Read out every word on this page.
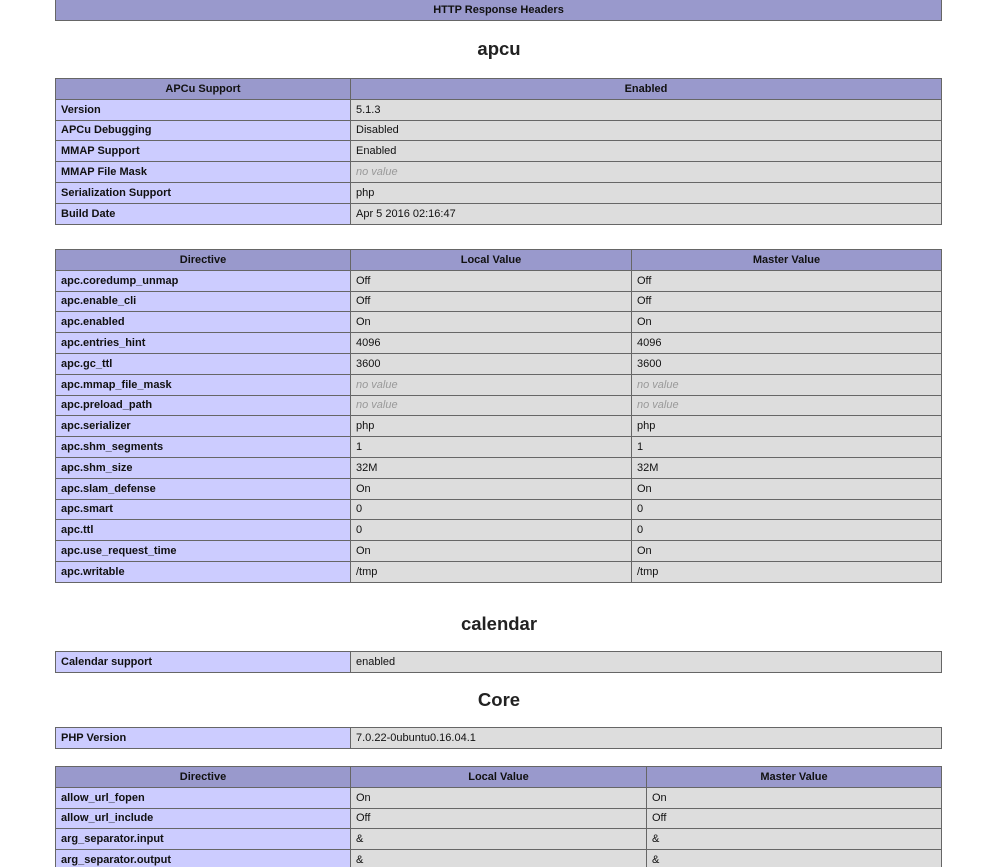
HTTP Response Headers
apcu
APCu Support	Enabled
Version	5.1.3
APCu Debugging	Disabled
MMAP Support	Enabled
MMAP File Mask	no value
Serialization Support	php
Build Date	Apr 5 2016 02:16:47
Directive	Local Value	Master Value
apc.coredump_unmap	Off	Off
apc.enable_cli	Off	Off
apc.enabled	On	On
apc.entries_hint	4096	4096
apc.gc_ttl	3600	3600
apc.mmap_file_mask	no value	no value
apc.preload_path	no value	no value
apc.serializer	php	php
apc.shm_segments	1	1
apc.shm_size	32M	32M
apc.slam_defense	On	On
apc.smart	0	0
apc.ttl	0	0
apc.use_request_time	On	On
apc.writable	/tmp	/tmp
calendar
Calendar support	enabled
Core
PHP Version	7.0.22-0ubuntu0.16.04.1
Directive	Local Value	Master Value
allow_url_fopen	On	On
allow_url_include	Off	Off
arg_separator.input	&	&
arg_separator.output	&	&
